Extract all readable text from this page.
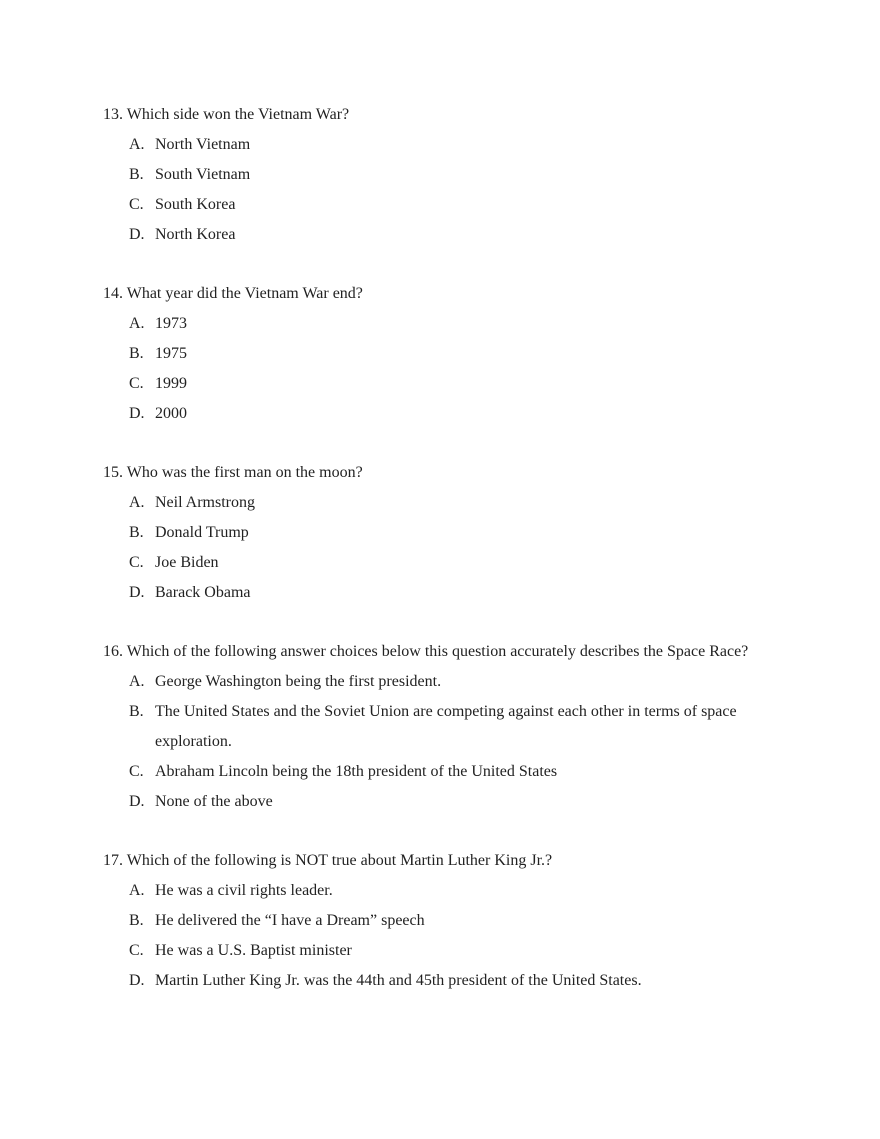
13. Which side won the Vietnam War?

A. North Vietnam
B. South Vietnam
C. South Korea
D. North Korea

14. What year did the Vietnam War end?

A. 1973
B. 1975
C. 1999
D. 2000

15. Who was the first man on the moon?

A. Neil Armstrong
B. Donald Trump
C. Joe Biden
D. Barack Obama

16. Which of the following answer choices below this question accurately describes the Space Race?

A. George Washington being the first president.
B. The United States and the Soviet Union are competing against each other in terms of space exploration.
C. Abraham Lincoln being the 18th president of the United States
D. None of the above

17. Which of the following is NOT true about Martin Luther King Jr.?

A. He was a civil rights leader.
B. He delivered the “I have a Dream” speech
C. He was a U.S. Baptist minister
D. Martin Luther King Jr. was the 44th and 45th president of the United States.
